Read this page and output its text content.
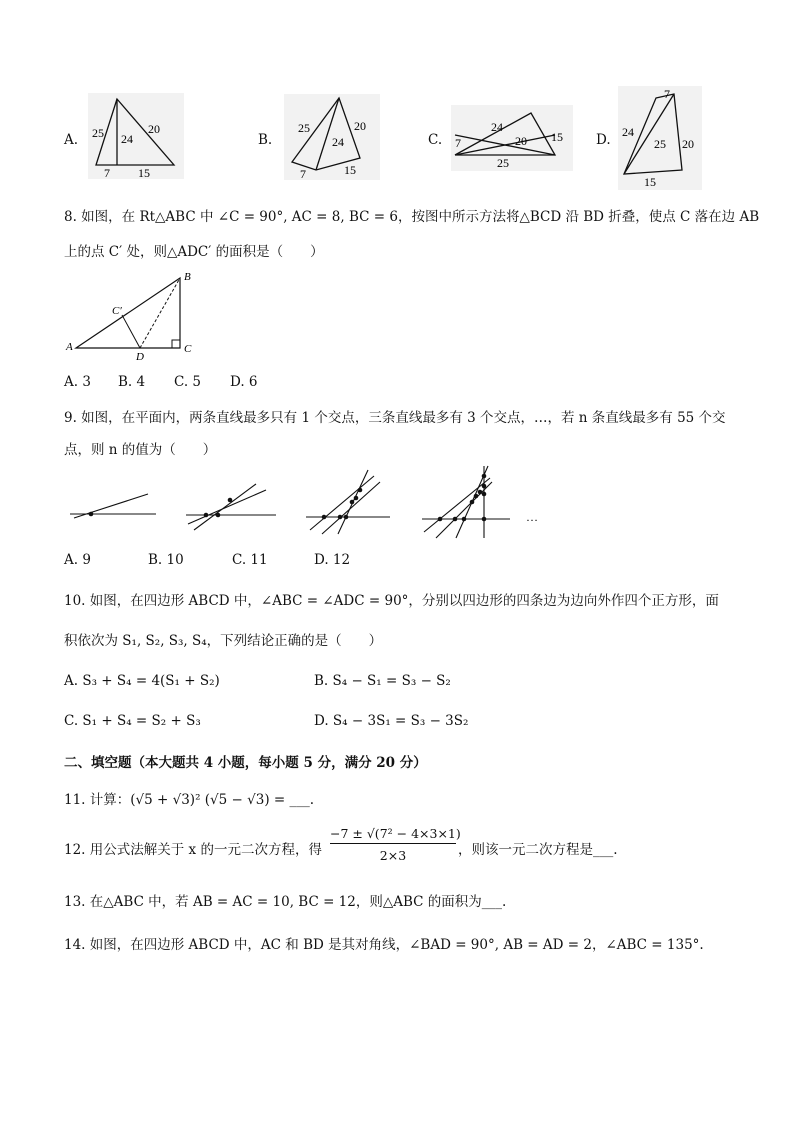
A. 25 24
20
7 15
B.
25
24
20
7	15
C.
24
20 15
7
25
D.
7
24
25 20
15
8. 如图，在 Rt△ABC 中 ∠C = 90°, AC = 8, BC = 6，按图中所示方法将△BCD 沿 BD 折叠，使点 C 落在边 AB
上的点 C′ 处，则△ADC′ 的面积是（　　）
A
B
C
D
C′
A. 3 B. 4 C. 5 D. 6
9. 如图，在平面内，两条直线最多只有 1 个交点，三条直线最多有 3 个交点，…，若 n 条直线最多有 55 个交
点，则 n 的值为（　　）
…
A. 9	B. 10	C. 11	D. 12
10. 如图，在四边形 ABCD 中，∠ABC = ∠ADC = 90°，分别以四边形的四条边为边向外作四个正方形，面
积依次为 S₁, S₂, S₃, S₄，下列结论正确的是（　　）
A. S₃ + S₄ = 4(S₁ + S₂)	B. S₄ − S₁ = S₃ − S₂
C. S₁ + S₄ = S₂ + S₃	D. S₄ − 3S₁ = S₃ − 3S₂
二、填空题（本大题共 4 小题，每小题 5 分，满分 20 分）
11. 计算：(√5 + √3)² (√5 − √3) = ___.
12. 用公式法解关于 x 的一元二次方程，得
−7 ± √(7² − 4×3×1)
2×3	，则该一元二次方程是___.
13. 在△ABC 中，若 AB = AC = 10, BC = 12，则△ABC 的面积为___.
14. 如图，在四边形 ABCD 中，AC 和 BD 是其对角线，∠BAD = 90°, AB = AD = 2，∠ABC = 135°.
